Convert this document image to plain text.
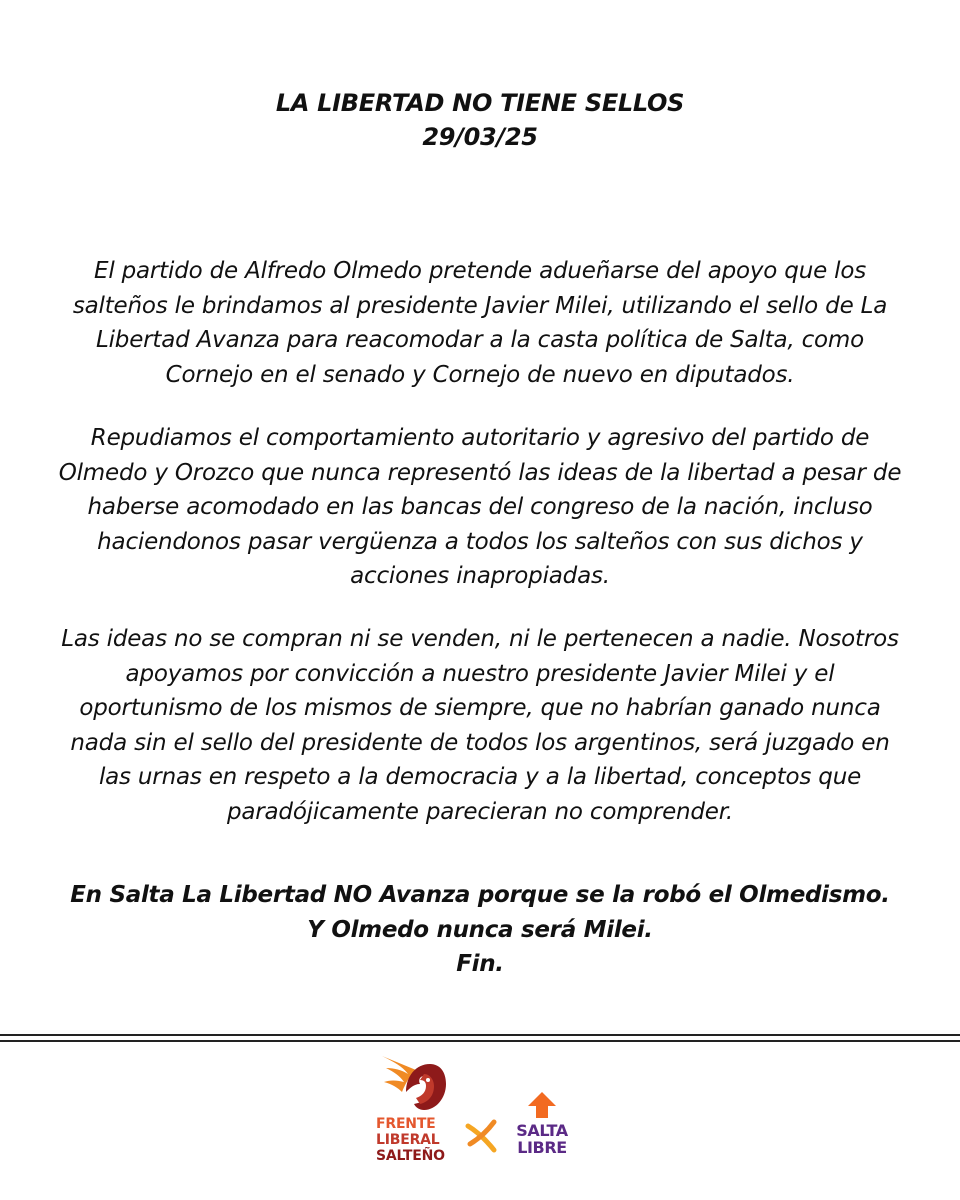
LA LIBERTAD NO TIENE SELLOS
29/03/25

El partido de Alfredo Olmedo pretende adueñarse del apoyo que los
salteños le brindamos al presidente Javier Milei, utilizando el sello de La
Libertad Avanza para reacomodar a la casta política de Salta, como
Cornejo en el senado y Cornejo de nuevo en diputados.

Repudiamos el comportamiento autoritario y agresivo del partido de
Olmedo y Orozco que nunca representó las ideas de la libertad a pesar de
haberse acomodado en las bancas del congreso de la nación, incluso
haciendonos pasar vergüenza a todos los salteños con sus dichos y
acciones inapropiadas.

Las ideas no se compran ni se venden, ni le pertenecen a nadie. Nosotros
apoyamos por convicción a nuestro presidente Javier Milei y el
oportunismo de los mismos de siempre, que no habrían ganado nunca
nada sin el sello del presidente de todos los argentinos, será juzgado en
las urnas en respeto a la democracia y a la libertad, conceptos que
paradójicamente parecieran no comprender.

En Salta La Libertad NO Avanza porque se la robó el Olmedismo.
Y Olmedo nunca será Milei.
Fin.
FRENTE
LIBERAL
SALTEÑO
SALTA
LIBRE
